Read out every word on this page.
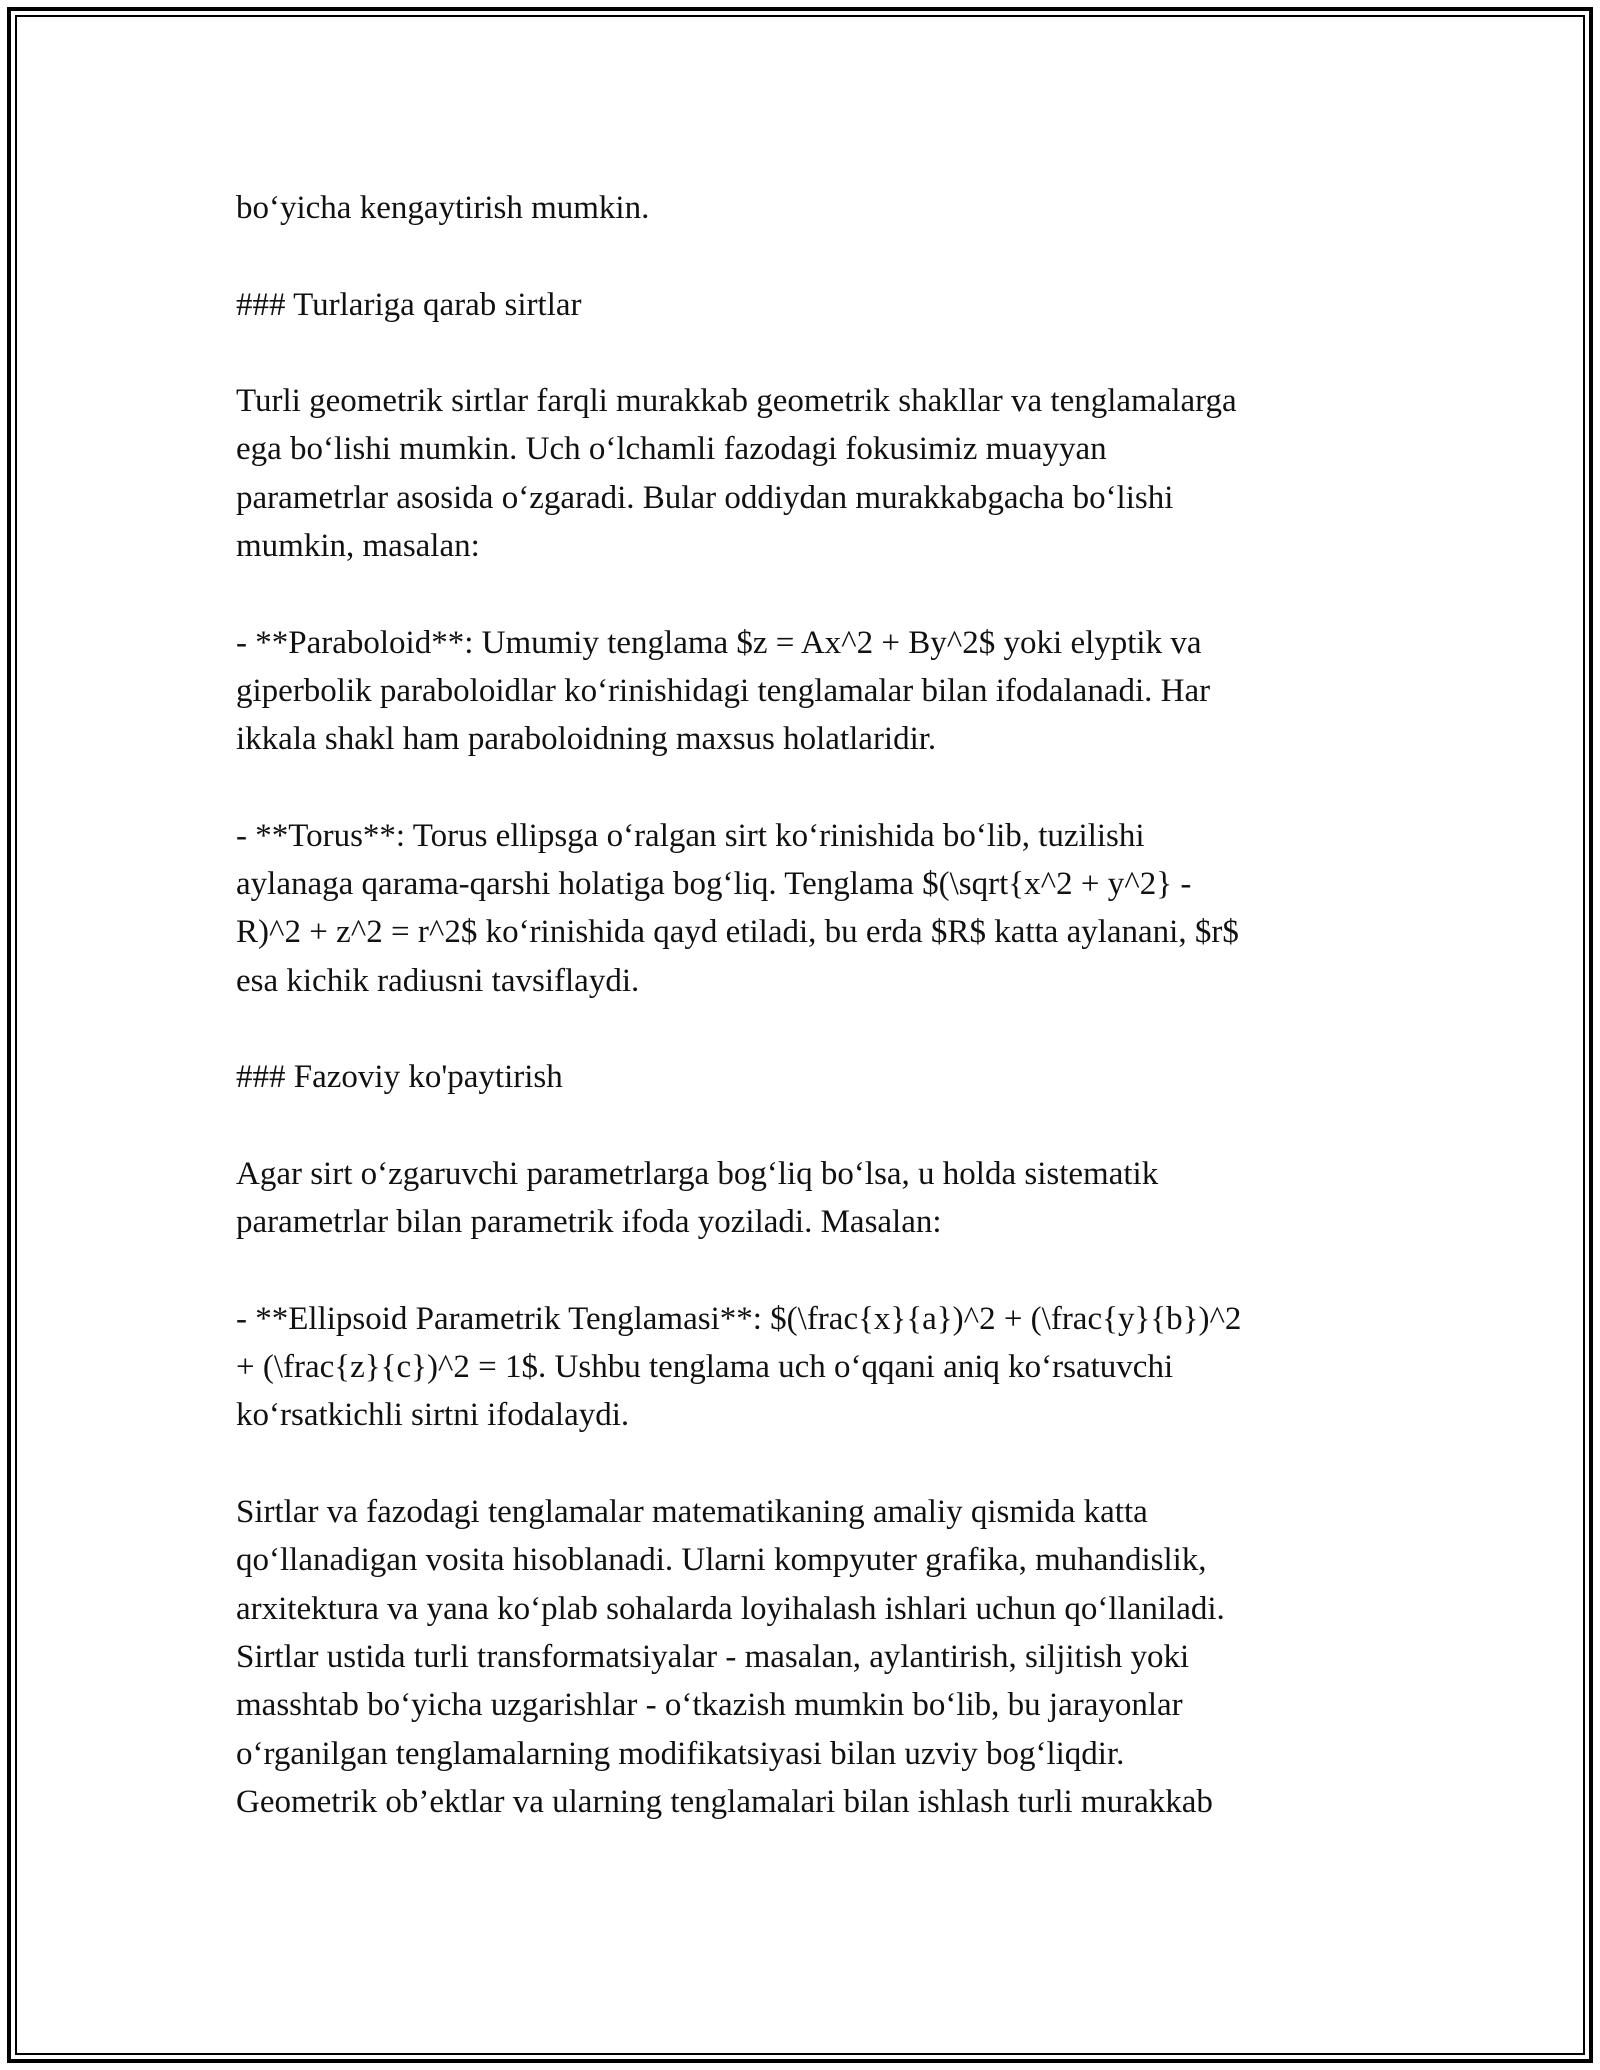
bo‘yicha kengaytirish mumkin.

### Turlariga qarab sirtlar

Turli geometrik sirtlar farqli murakkab geometrik shakllar va tenglamalarga
ega bo‘lishi mumkin. Uch o‘lchamli fazodagi fokusimiz muayyan
parametrlar asosida o‘zgaradi. Bular oddiydan murakkabgacha bo‘lishi
mumkin, masalan:

- **Paraboloid**: Umumiy tenglama $z = Ax^2 + By^2$ yoki elyptik va
giperbolik paraboloidlar ko‘rinishidagi tenglamalar bilan ifodalanadi. Har
ikkala shakl ham paraboloidning maxsus holatlaridir.

- **Torus**: Torus ellipsga o‘ralgan sirt ko‘rinishida bo‘lib, tuzilishi
aylanaga qarama-qarshi holatiga bog‘liq. Tenglama $(\sqrt{x^2 + y^2} -
R)^2 + z^2 = r^2$ ko‘rinishida qayd etiladi, bu erda $R$ katta aylanani, $r$
esa kichik radiusni tavsiflaydi.

### Fazoviy ko'paytirish

Agar sirt o‘zgaruvchi parametrlarga bog‘liq bo‘lsa, u holda sistematik
parametrlar bilan parametrik ifoda yoziladi. Masalan:

- **Ellipsoid Parametrik Tenglamasi**: $(\frac{x}{a})^2 + (\frac{y}{b})^2
+ (\frac{z}{c})^2 = 1$. Ushbu tenglama uch o‘qqani aniq ko‘rsatuvchi
ko‘rsatkichli sirtni ifodalaydi.

Sirtlar va fazodagi tenglamalar matematikaning amaliy qismida katta
qo‘llanadigan vosita hisoblanadi. Ularni kompyuter grafika, muhandislik,
arxitektura va yana ko‘plab sohalarda loyihalash ishlari uchun qo‘llaniladi.
Sirtlar ustida turli transformatsiyalar - masalan, aylantirish, siljitish yoki
masshtab bo‘yicha uzgarishlar - o‘tkazish mumkin bo‘lib, bu jarayonlar
o‘rganilgan tenglamalarning modifikatsiyasi bilan uzviy bog‘liqdir.
Geometrik ob’ektlar va ularning tenglamalari bilan ishlash turli murakkab
